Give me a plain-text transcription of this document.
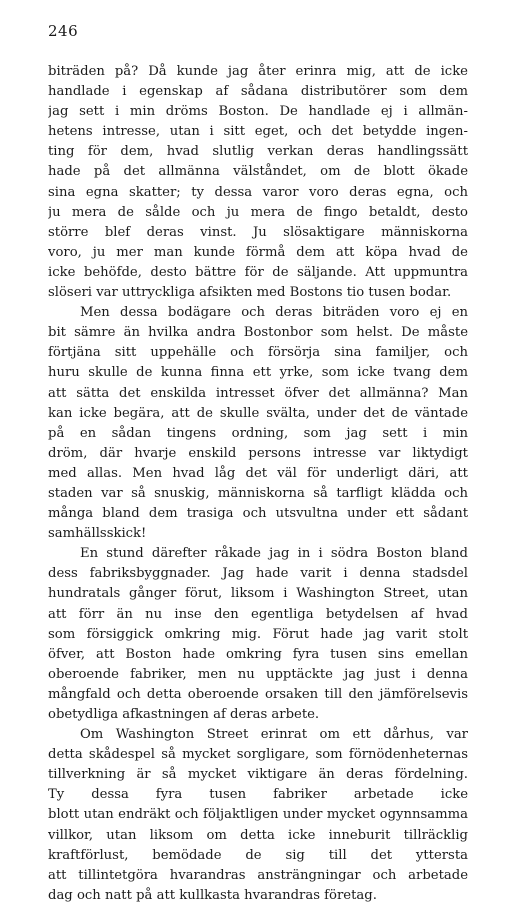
246
biträden på? Då kunde jag åter erinra mig, att de icke
handlade i egenskap af sådana distributörer som dem
jag sett i min dröms Boston. De handlade ej i allmän-
hetens intresse, utan i sitt eget, och det betydde ingen-
ting för dem, hvad slutlig verkan deras handlingssätt
hade på det allmänna välståndet, om de blott ökade
sina egna skatter; ty dessa varor voro deras egna, och
ju mera de sålde och ju mera de fingo betaldt, desto
större blef deras vinst. Ju slösaktigare människorna
voro, ju mer man kunde förmå dem att köpa hvad de
icke behöfde, desto bättre för de säljande. Att uppmuntra
slöseri var uttryckliga afsikten med Bostons tio tusen bodar.
Men dessa bodägare och deras biträden voro ej en
bit sämre än hvilka andra Bostonbor som helst. De måste
förtjäna sitt uppehälle och försörja sina familjer, och
huru skulle de kunna finna ett yrke, som icke tvang dem
att sätta det enskilda intresset öfver det allmänna? Man
kan icke begära, att de skulle svälta, under det de väntade
på en sådan tingens ordning, som jag sett i min
dröm, där hvarje enskild persons intresse var liktydigt
med allas. Men hvad låg det väl för underligt däri, att
staden var så snuskig, människorna så tarfligt klädda och
många bland dem trasiga och utsvultna under ett sådant
samhällsskick!
En stund därefter råkade jag in i södra Boston bland
dess fabriksbyggnader. Jag hade varit i denna stadsdel
hundratals gånger förut, liksom i Washington Street, utan
att förr än nu inse den egentliga betydelsen af hvad
som försiggick omkring mig. Förut hade jag varit stolt
öfver, att Boston hade omkring fyra tusen sins emellan
oberoende fabriker, men nu upptäckte jag just i denna
mångfald och detta oberoende orsaken till den jämförelsevis
obetydliga afkastningen af deras arbete.
Om Washington Street erinrat om ett dårhus, var
detta skådespel så mycket sorgligare, som förnödenheternas
tillverkning är så mycket viktigare än deras fördelning.
Ty dessa fyra tusen fabriker arbetade icke
blott utan endräkt och följaktligen under mycket ogynnsamma
villkor, utan liksom om detta icke inneburit tillräcklig
kraftförlust, bemödade de sig till det yttersta
att tillintetgöra hvarandras ansträngningar och arbetade
dag och natt på att kullkasta hvarandras företag.
